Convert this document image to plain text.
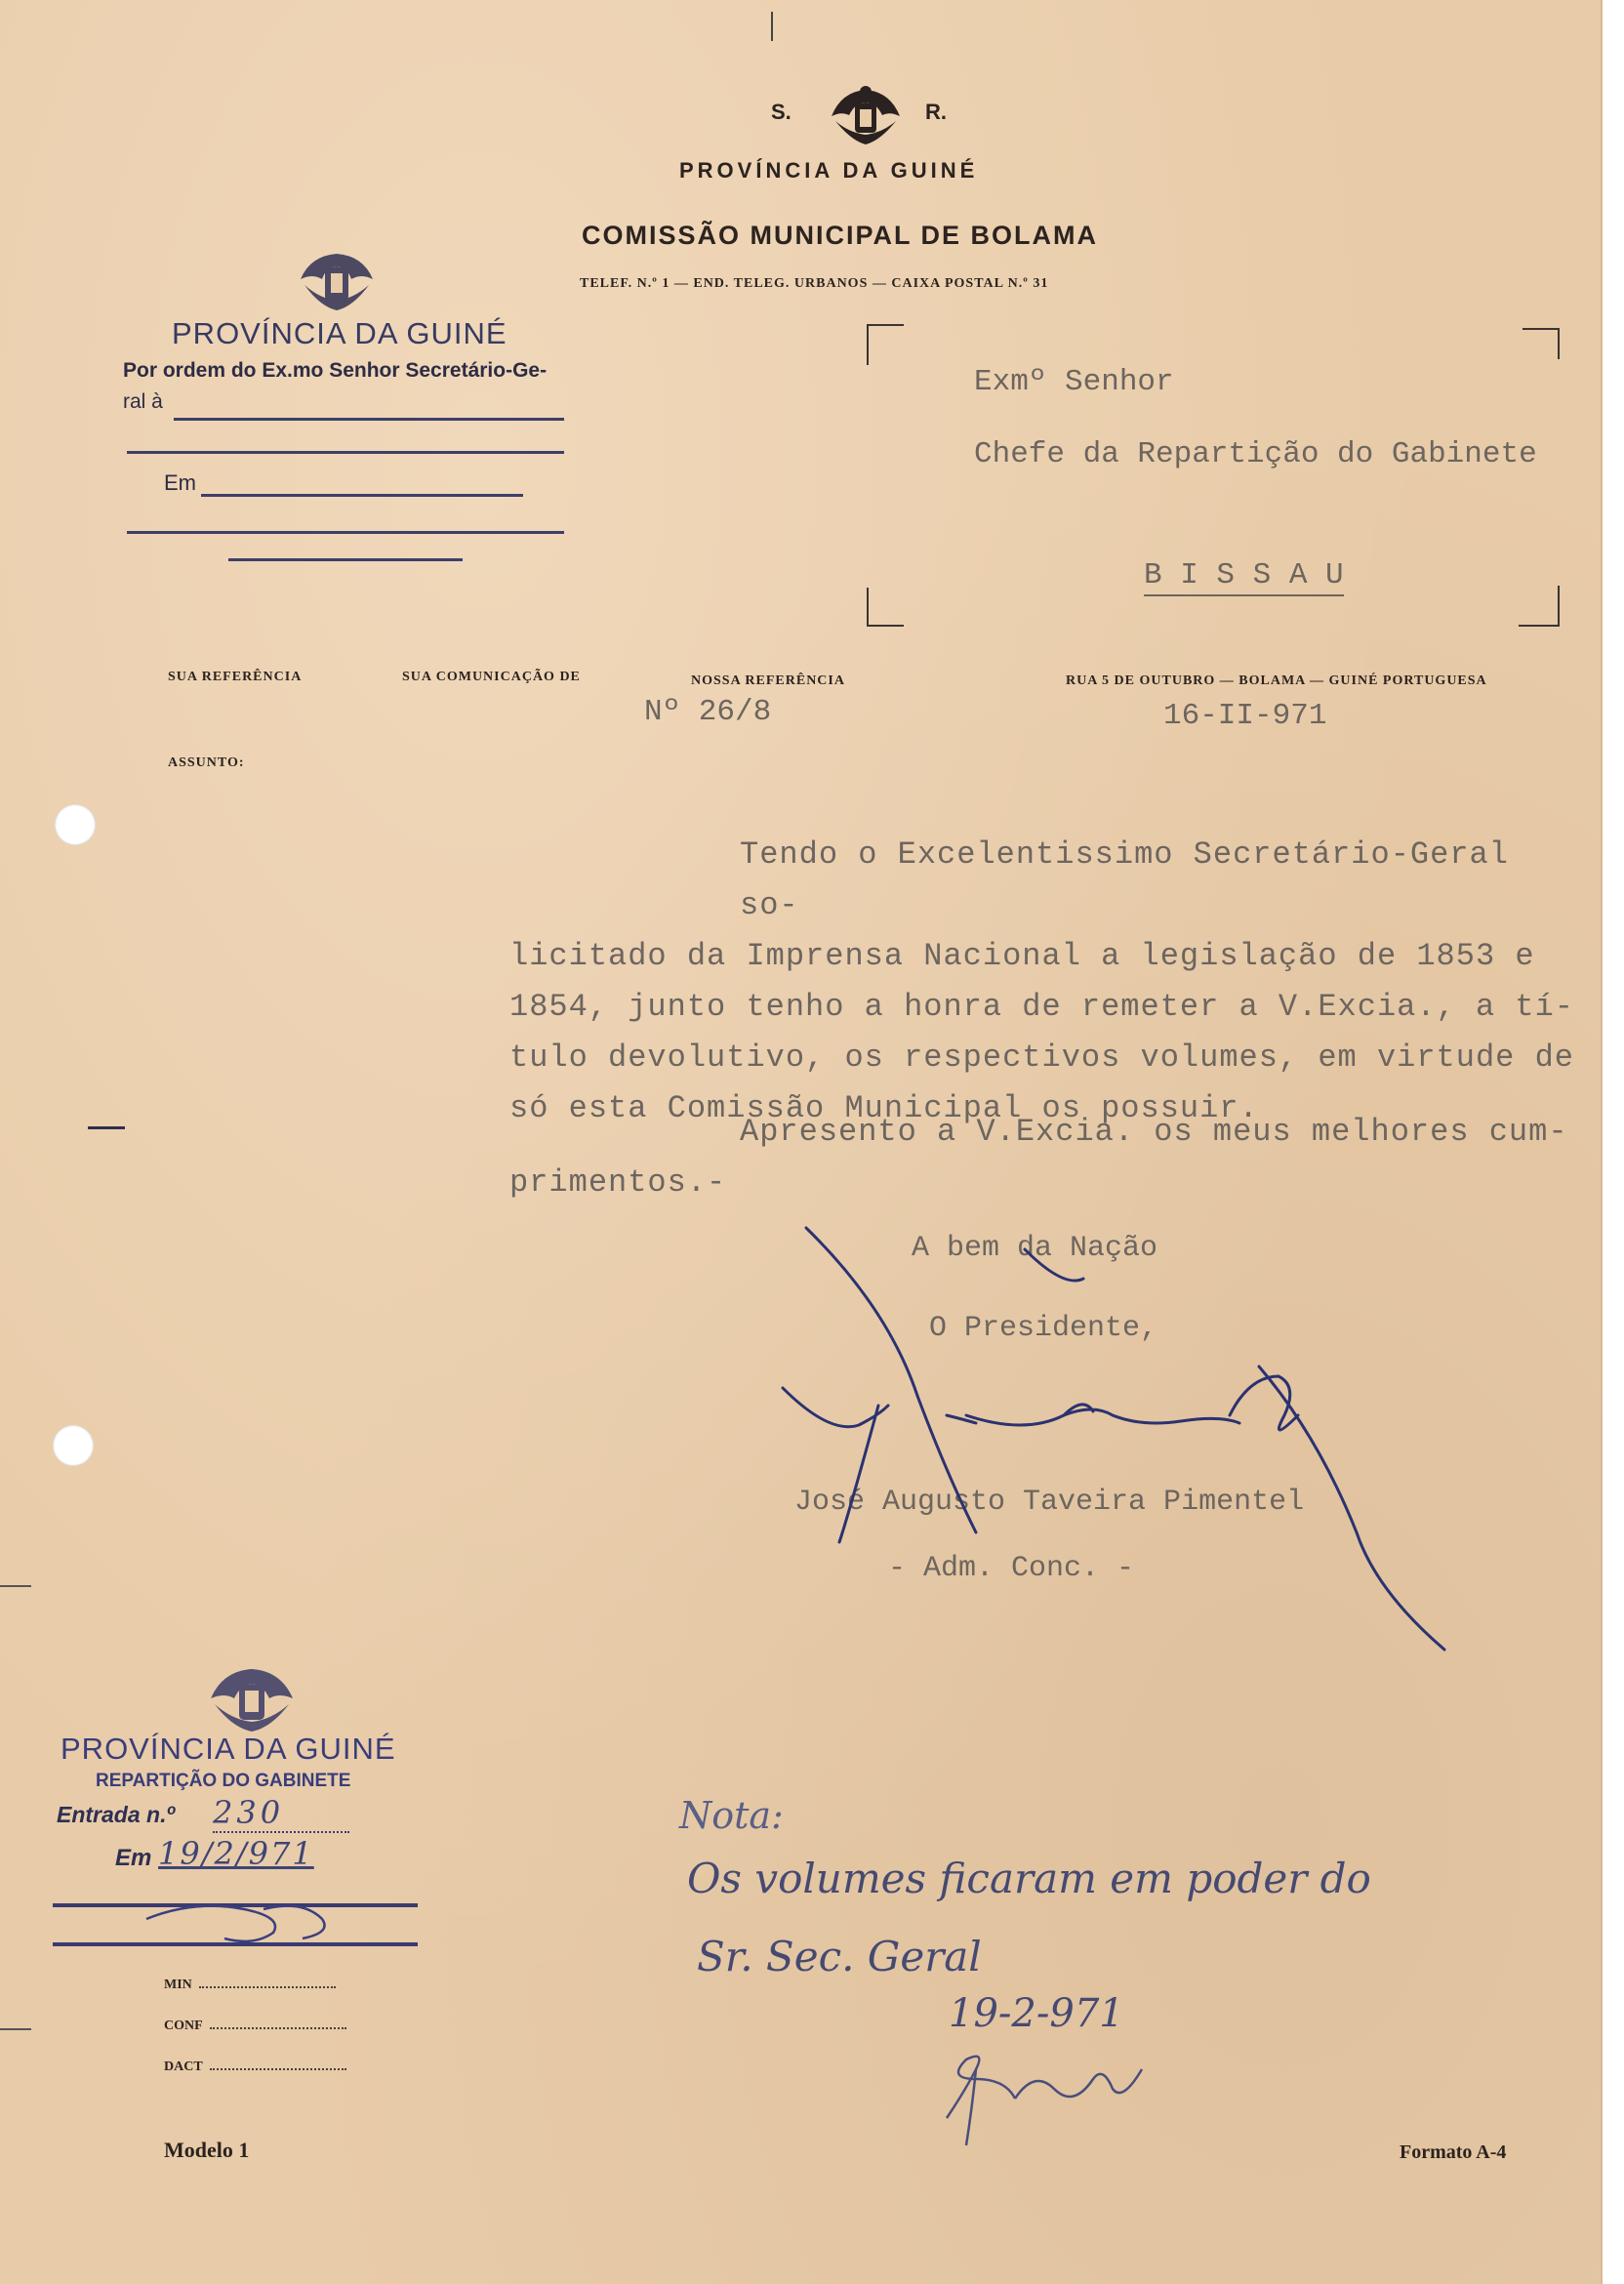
S.	R.
PROVÍNCIA DA GUINÉ
COMISSÃO MUNICIPAL DE BOLAMA
TELEF. N.º 1 — END. TELEG. URBANOS — CAIXA POSTAL N.º 31
PROVÍNCIA DA GUINÉ
Por ordem do Ex.mo Senhor Secretário-Ge-
ral à
Em
Exmº Senhor
Chefe da Repartição do Gabinete
B I S S A U
SUA REFERÊNCIA	SUA COMUNICAÇÃO DE	NOSSA REFERÊNCIA
Nº 26/8
RUA 5 DE OUTUBRO — BOLAMA — GUINÉ PORTUGUESA
16-II-971
ASSUNTO:
Tendo o Excelentissimo Secretário-Geral so-
licitado da Imprensa Nacional a legislação de 1853 e
1854, junto tenho a honra de remeter a V.Excia., a tí-
tulo devolutivo, os respectivos volumes, em virtude de
só esta Comissão Municipal os possuir.
Apresento a V.Excia. os meus melhores cum-
primentos.-
A bem da Nação
O Presidente,
José Augusto Taveira Pimentel
- Adm. Conc. -
PROVÍNCIA DA GUINÉ
REPARTIÇÃO DO GABINETE
Entrada n.º 230
Em 19/2/971
MIN
CONF
DACT
Nota:
Os volumes ficaram em poder do
Sr. Sec. Geral
19-2-971
Modelo 1	Formato A-4
